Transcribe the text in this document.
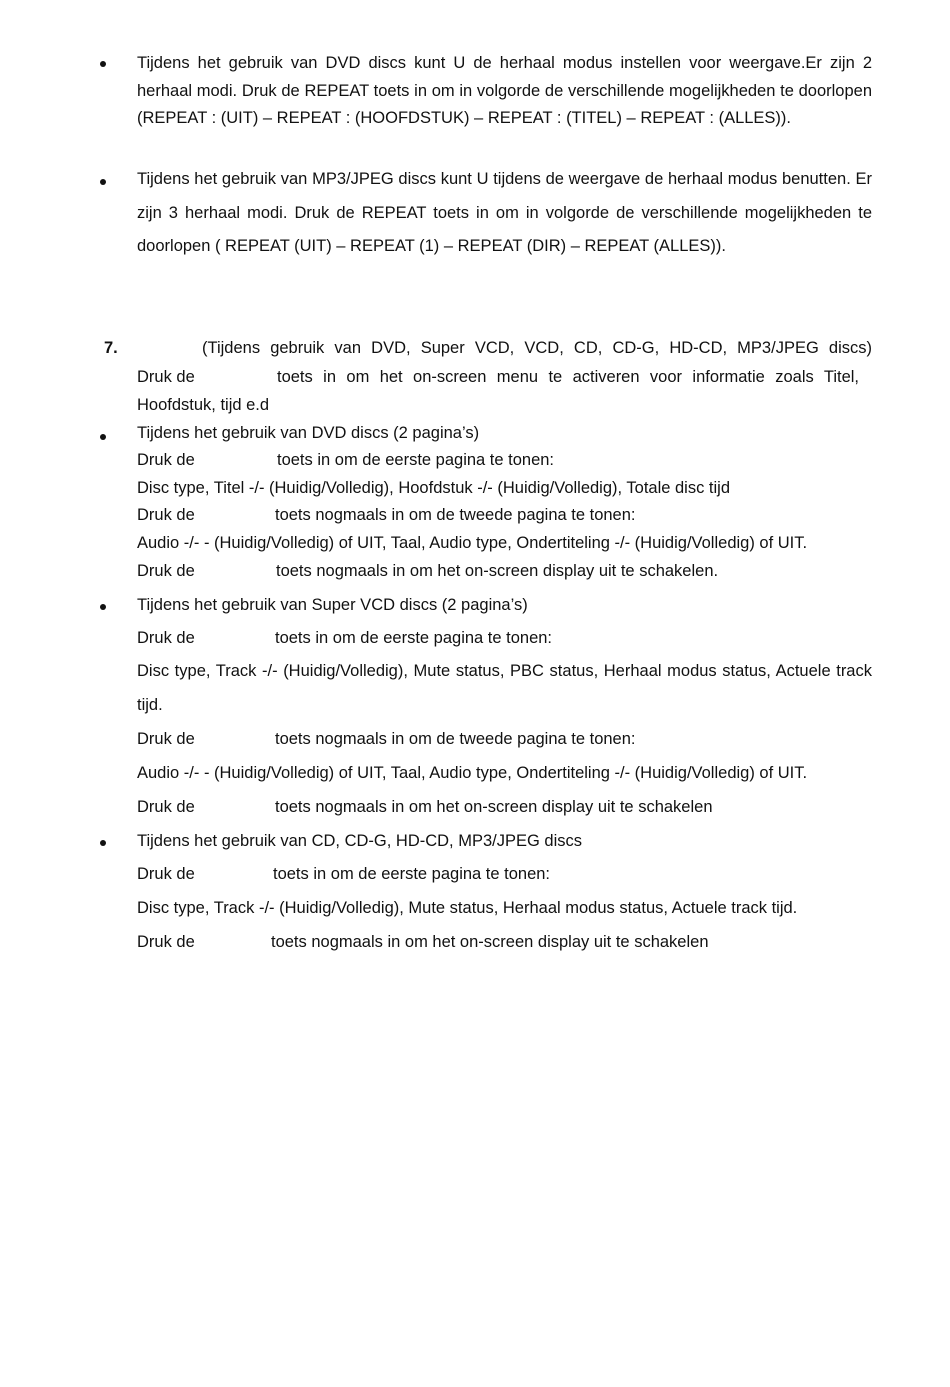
Tijdens het gebruik van DVD discs kunt U de herhaal modus instellen voor weergave.Er zijn 2 herhaal modi. Druk de REPEAT toets in om in volgorde de verschillende mogelijkheden te doorlopen (REPEAT : (UIT) – REPEAT : (HOOFDSTUK) – REPEAT : (TITEL) – REPEAT : (ALLES)).
Tijdens het gebruik van MP3/JPEG discs kunt U tijdens de weergave de herhaal modus benutten. Er zijn 3 herhaal modi. Druk de REPEAT toets in om in volgorde de verschillende mogelijkheden te doorlopen ( REPEAT (UIT) – REPEAT (1) – REPEAT (DIR) – REPEAT (ALLES)).
7.	(Tijdens gebruik van DVD, Super VCD, VCD, CD, CD-G, HD-CD, MP3/JPEG discs)
Druk de	toets in om het on-screen menu te activeren voor informatie zoals Titel,
Hoofdstuk, tijd e.d
Tijdens het gebruik van DVD discs (2 pagina’s)
Druk de	toets in om de eerste pagina te tonen:
Disc type, Titel -/- (Huidig/Volledig), Hoofdstuk -/- (Huidig/Volledig), Totale disc tijd
Druk de	toets nogmaals in om de tweede pagina te tonen:
Audio -/- - (Huidig/Volledig) of UIT, Taal, Audio type, Ondertiteling -/- (Huidig/Volledig) of UIT.
Druk de	toets nogmaals in om het on-screen display uit te schakelen.
Tijdens het gebruik van Super VCD discs (2 pagina’s)
Druk de	toets in om de eerste pagina te tonen:
Disc type, Track -/- (Huidig/Volledig), Mute status, PBC status, Herhaal modus status, Actuele track tijd.
Druk de	toets nogmaals in om de tweede pagina te tonen:
Audio -/- - (Huidig/Volledig) of UIT, Taal, Audio type, Ondertiteling -/- (Huidig/Volledig) of UIT.
Druk de	toets nogmaals in om het on-screen display uit te schakelen
Tijdens het gebruik van CD, CD-G, HD-CD, MP3/JPEG discs
Druk de	toets in om de eerste pagina te tonen:
Disc type, Track -/- (Huidig/Volledig), Mute status, Herhaal modus status, Actuele track tijd.
Druk de	toets nogmaals in om het on-screen display uit te schakelen
